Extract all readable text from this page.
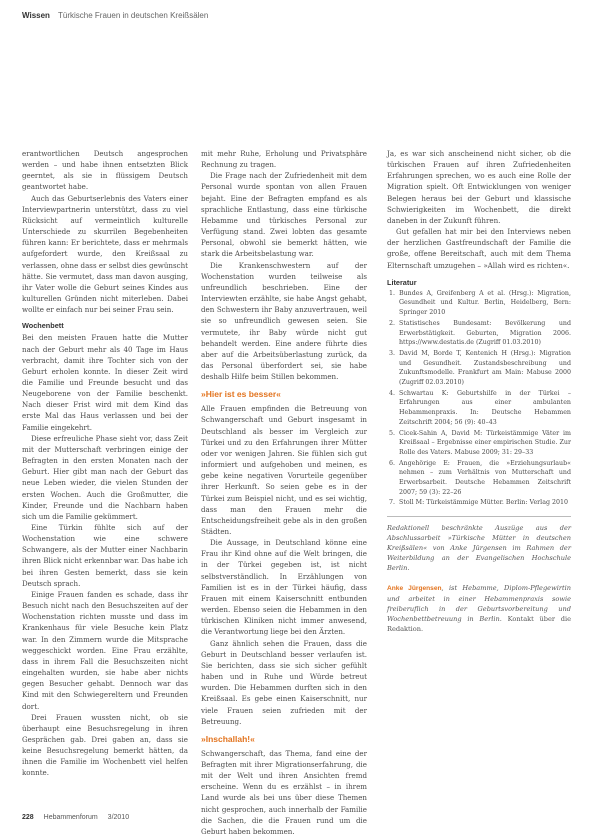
Wissen Türkische Frauen in deutschen Kreißsälen

erantwortlichen Deutsch angesprochen werden – und habe ihnen entsetzten Blick geerntet, als sie in flüssigem Deutsch geantwortet habe.

Auch das Geburtserlebnis des Vaters einer Interviewpartnerin unterstützt, dass zu viel Rücksicht auf vermeintlich kulturelle Unterschiede zu skurrilen Begebenheiten führen kann: Er berichtete, dass er mehrmals aufgefordert wurde, den Kreißsaal zu verlassen, ohne dass er selbst dies gewünscht hätte. Sie vermutet, dass man davon ausging, ihr Vater wolle die Geburt seines Kindes aus kulturellen Gründen nicht miterleben. Dabei wollte er einfach nur bei seiner Frau sein.

Wochenbett

Bei den meisten Frauen hatte die Mutter nach der Geburt mehr als 40 Tage im Haus verbracht, damit ihre Tochter sich von der Geburt erholen konnte. In dieser Zeit wird die Familie und Freunde besucht und das Neugeborene von der Familie beschenkt. Nach dieser Frist wird mit dem Kind das erste Mal das Haus verlassen und bei der Familie eingekehrt.

Diese erfreuliche Phase sieht vor, dass Zeit mit der Mutterschaft verbringen einige der Befragten in den ersten Monaten nach der Geburt. Hier gibt man nach der Geburt das neue Leben wieder, die vielen Stunden der ersten Wochen. Auch die Großmutter, die Kinder, Freunde und die Nachbarn haben sich um die Familie gekümmert.

Eine Türkin fühlte sich auf der Wochenstation wie eine schwere Schwangere, als der Mutter einer Nachbarin ihren Blick nicht erkennbar war. Das habe ich bei ihren Gesten bemerkt, dass sie kein Deutsch sprach.

Einige Frauen fanden es schade, dass ihr Besuch nicht nach den Besuchszeiten auf der Wochenstation richten musste und dass im Krankenhaus für viele Besuche kein Platz war. In den Zimmern wurde die Mitsprache weggeschickt worden. Eine Frau erzählte, dass in ihrem Fall die Besuchszeiten nicht eingehalten wurden, sie habe aber nichts gegen Besucher gehabt. Dennoch war das Kind mit den Schwiegereltern und Freunden dort.

Drei Frauen wussten nicht, ob sie überhaupt eine Besuchsregelung in ihren Gesprächen gab. Drei gaben an, dass sie keine Besuchsregelung bemerkt hätten, da ihnen die Familie im Wochenbett viel helfen konnte.

mit mehr Ruhe, Erholung und Privatsphäre Rechnung zu tragen.

Die Frage nach der Zufriedenheit mit dem Personal wurde spontan von allen Frauen bejaht. Eine der Befragten empfand es als sprachliche Entlastung, dass eine türkische Hebamme und türkisches Personal zur Verfügung stand. Zwei lobten das gesamte Personal, obwohl sie bemerkt hätten, wie stark die Arbeitsbelastung war.

Die Krankenschwestern auf der Wochenstation wurden teilweise als unfreundlich beschrieben. Eine der Interviewten erzählte, sie habe Angst gehabt, den Schwestern ihr Baby anzuvertrauen, weil sie so unfreundlich gewesen seien. Sie vermutete, ihr Baby würde nicht gut behandelt werden. Eine andere führte dies aber auf die Arbeitsüberlastung zurück, da das Personal überfordert sei, sie habe deshalb Hilfe beim Stillen bekommen.

»Hier ist es besser«

Alle Frauen empfinden die Betreuung von Schwangerschaft und Geburt insgesamt in Deutschland als besser im Vergleich zur Türkei und zu den Erfahrungen ihrer Mütter oder vor wenigen Jahren. Sie fühlen sich gut informiert und aufgehoben und meinen, es gebe keine negativen Vorurteile gegenüber ihrer Herkunft. So seien gebe es in der Türkei zum Beispiel nicht, und es sei wichtig, dass man den Frauen mehr die Entscheidungsfreiheit gebe als in den großen Städten.

Die Aussage, in Deutschland könne eine Frau ihr Kind ohne auf die Welt bringen, die in der Türkei gegeben ist, ist nicht selbstverständlich. In Erzählungen von Familien ist es in der Türkei häufig, dass Frauen mit einem Kaiserschnitt entbunden werden. Ebenso seien die Hebammen in den türkischen Kliniken nicht immer anwesend, die Verantwortung liege bei den Ärzten.

Ganz ähnlich sehen die Frauen, dass die Geburt in Deutschland besser verlaufen ist. Sie berichten, dass sie sich sicher gefühlt haben und in Ruhe und Würde betreut wurden. Die Hebammen durften sich in den Kreißsaal. Es gebe einen Kaiserschnitt, nur viele Frauen seien zufrieden mit der Betreuung.

»Inschallah!«

Schwangerschaft, das Thema, fand eine der Befragten mit ihrer Migrationserfahrung, die mit der Welt und ihren Ansichten fremd erscheine. Wenn du es erzählst – in ihrem Land wurde als bei uns über diese Themen nicht gesprochen, auch innerhalb der Familie die Sachen, die die Frauen rund um die Geburt haben bekommen.

Ja, es war sich anscheinend nicht sicher, ob die türkischen Frauen auf ihren Zufriedenheiten Erfahrungen sprechen, wo es auch eine Rolle der Migration spielt. Oft Entwicklungen von weniger Belegen heraus bei der Geburt und klassische Schwierigkeiten im Wochenbett, die direkt daneben in der Zukunft führen.

Gut gefallen hat mir bei den Interviews neben der herzlichen Gastfreundschaft der Familie die große, offene Bereitschaft, auch mit dem Thema Elternschaft umzugehen – »Allah wird es richten«.

Literatur
1. Bundes A, Greifenberg A et al. (Hrsg.): Migration, Gesundheit und Kultur. Berlin, Heidelberg, Bern: Springer 2010
2. Statistisches Bundesamt: Bevölkerung und Erwerbstätigkeit. Geburten, Migration 2006. https://www.destatis.de (Zugriff 01.03.2010)
3. David M, Borde T, Kentenich H (Hrsg.): Migration und Gesundheit. Zustandsbeschreibung und Zukunftsmodelle. Frankfurt am Main: Mabuse 2000 (Zugriff 02.03.2010)
4. Schwartau K: Geburtshilfe in der Türkei – Erfahrungen aus einer ambulanten Hebammenpraxis. In: Deutsche Hebammen Zeitschrift 2004; 56 (9): 40–43
5. Cicek-Sahin A, David M: Türkeistämmige Väter im Kreißsaal – Ergebnisse einer empirischen Studie. Zur Rolle des Vaters. Mabuse 2009; 31: 29–33
6. Angehörige E: Frauen, die »Erziehungsurlaub« nehmen – zum Verhältnis von Mutterschaft und Erwerbsarbeit. Deutsche Hebammen Zeitschrift 2007; 59 (3): 22–26
7. Stoll M: Türkeistämmige Mütter. Berlin: Verlag 2010
Redaktionell beschränkte Auszüge aus der Abschlussarbeit »Türkische Mütter in deutschen Kreißsälen« von Anke Jürgensen im Rahmen der Weiterbildung an der Evangelischen Hochschule Berlin.
Anke Jürgensen, ist Hebamme, Diplom-Pflegewirtin und arbeitet in einer Hebammenpraxis sowie freiberuflich in der Geburtsvorbereitung und Wochenbettbetreuung in Berlin. Kontakt über die Redaktion.
228 Hebammenforum 3/2010
